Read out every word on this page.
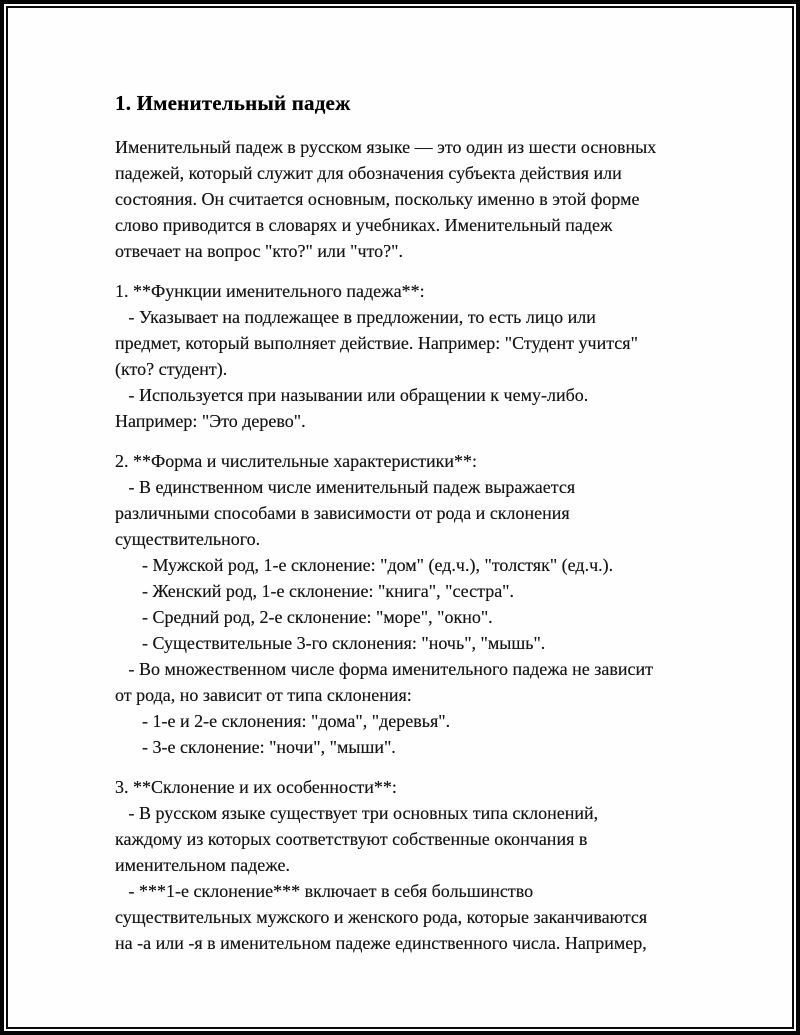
1. Именительный падеж
Именительный падеж в русском языке — это один из шести основных
падежей, который служит для обозначения субъекта действия или
состояния. Он считается основным, поскольку именно в этой форме
слово приводится в словарях и учебниках. Именительный падеж
отвечает на вопрос "кто?" или "что?".
1. **Функции именительного падежа**:
- Указывает на подлежащее в предложении, то есть лицо или
предмет, который выполняет действие. Например: "Студент учится"
(кто? студент).
- Используется при назывании или обращении к чему-либо.
Например: "Это дерево".
2. **Форма и числительные характеристики**:
- В единственном числе именительный падеж выражается
различными способами в зависимости от рода и склонения
существительного.
- Мужской род, 1-е склонение: "дом" (ед.ч.), "толстяк" (ед.ч.).
- Женский род, 1-е склонение: "книга", "сестра".
- Средний род, 2-е склонение: "море", "окно".
- Существительные 3-го склонения: "ночь", "мышь".
- Во множественном числе форма именительного падежа не зависит
от рода, но зависит от типа склонения:
- 1-е и 2-е склонения: "дома", "деревья".
- 3-е склонение: "ночи", "мыши".
3. **Склонение и их особенности**:
- В русском языке существует три основных типа склонений,
каждому из которых соответствуют собственные окончания в
именительном падеже.
- ***1-е склонение*** включает в себя большинство
существительных мужского и женского рода, которые заканчиваются
на -а или -я в именительном падеже единственного числа. Например,
